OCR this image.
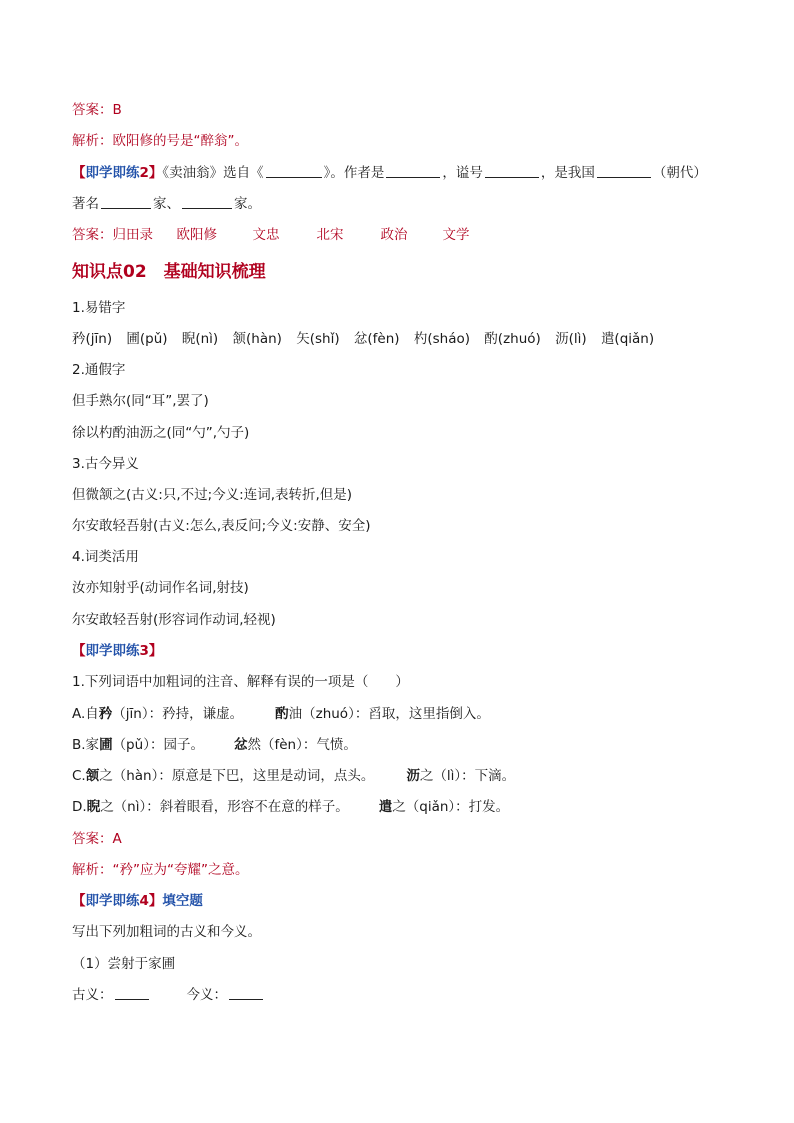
答案：B
解析：欧阳修的号是“醉翁”。
【即学即练2】《卖油翁》选自《	》。作者是	，谥号	，是我国	（朝代）
著名	家、	家。
答案：归田录 欧阳修	文忠	北宋	政治	文学
知识点02　基础知识梳理
1.易错字
矜(jīn) 圃(pǔ) 睨(nì) 颔(hàn) 矢(shǐ) 忿(fèn) 杓(sháo) 酌(zhuó) 沥(lì) 遣(qiǎn)
2.通假字
但手熟尔(同“耳”,罢了)
徐以杓酌油沥之(同“勺”,勺子)
3.古今异义
但微颔之(古义:只,不过;今义:连词,表转折,但是)
尔安敢轻吾射(古义:怎么,表反问;今义:安静、安全)
4.词类活用
汝亦知射乎(动词作名词,射技)
尔安敢轻吾射(形容词作动词,轻视)
【即学即练3】
1.下列词语中加粗词的注音、解释有误的一项是（　　）
A.自矜（jīn）：矜持，谦虚。 酌油（zhuó）：舀取，这里指倒入。
B.家圃（pǔ）：园子。 忿然（fèn）：气愤。
C.颔之（hàn）：原意是下巴，这里是动词，点头。 沥之（lì）：下滴。
D.睨之（nì）：斜着眼看，形容不在意的样子。 遣之（qiǎn）：打发。
答案：A
解析：“矜”应为“夸耀”之意。
【即学即练4】填空题
写出下列加粗词的古义和今义。
（1）尝射于家圃
古义：	今义：
